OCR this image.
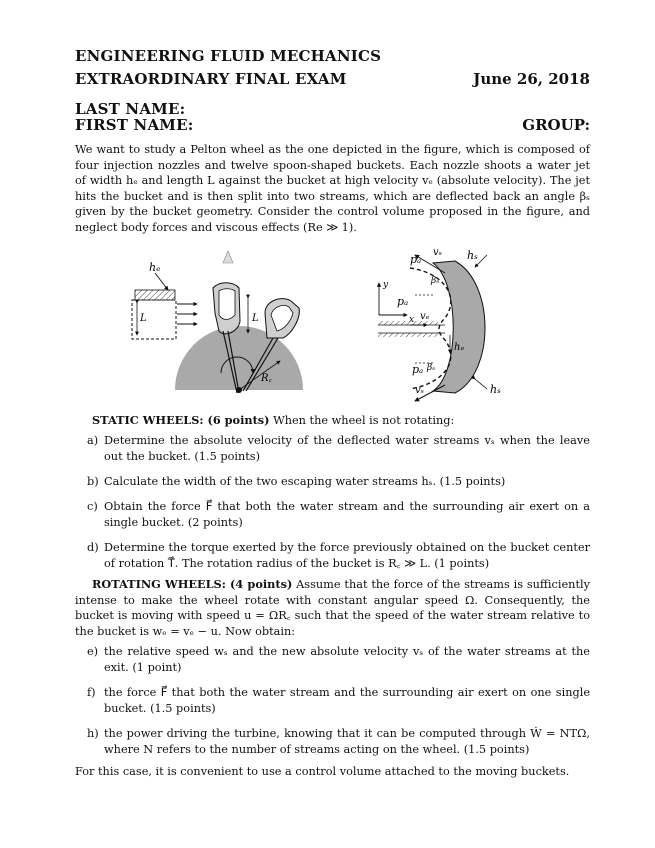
ENGINEERING FLUID MECHANICS
EXTRAORDINARY FINAL EXAM	June 26, 2018
LAST NAME:
FIRST NAME:	GROUP:
We want to study a Pelton wheel as the one depicted in the figure, which is composed of four injection nozzles and twelve spoon-shaped buckets. Each nozzle shoots a water jet of width hₑ and length L against the bucket at high velocity vₑ (absolute velocity). The jet hits the bucket and is then split into two streams, which are deflected back an angle βₛ given by the bucket geometry. Consider the control volume proposed in the figure, and neglect body forces and viscous effects (Re ≫ 1).
hₑ
L	L
R꜀
pₐ
vₛ hₛ
βₛ
y
pₐ
x vₑ
hₑ
pₐ βₛ
vₛ	hₛ
STATIC WHEELS: (6 points) When the wheel is not rotating:
a) Determine the absolute velocity of the deflected water streams vₛ when the leave out the bucket. (1.5 points)
b) Calculate the width of the two escaping water streams hₛ. (1.5 points)
c) Obtain the force F⃗ that both the water stream and the surrounding air exert on a single bucket. (2 points)
d) Determine the torque exerted by the force previously obtained on the bucket center of rotation T⃗. The rotation radius of the bucket is R꜀ ≫ L. (1 points)
ROTATING WHEELS: (4 points) Assume that the force of the streams is sufficiently intense to make the wheel rotate with constant angular speed Ω. Consequently, the bucket is moving with speed u = ΩR꜀ such that the speed of the water stream relative to the bucket is wₑ = vₑ − u. Now obtain:
e) the relative speed wₛ and the new absolute velocity vₛ of the water streams at the exit. (1 point)
f) the force F⃗ that both the water stream and the surrounding air exert on one single bucket. (1.5 points)
h) the power driving the turbine, knowing that it can be computed through Ẇ = NTΩ, where N refers to the number of streams acting on the wheel. (1.5 points)
For this case, it is convenient to use a control volume attached to the moving buckets.
